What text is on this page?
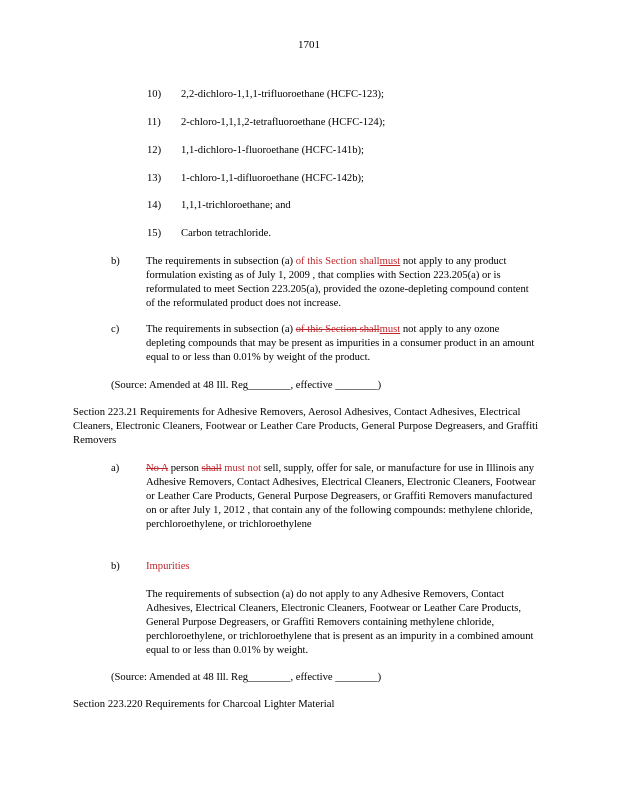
1701
10) 2,2-dichloro-1,1,1-trifluoroethane (HCFC-123);
11) 2-chloro-1,1,1,2-tetrafluoroethane (HCFC-124);
12) 1,1-dichloro-1-fluoroethane (HCFC-141b);
13) 1-chloro-1,1-difluoroethane (HCFC-142b);
14) 1,1,1-trichloroethane; and
15) Carbon tetrachloride.
b) The requirements in subsection (a) of this Section shallmust not apply to any product formulation existing as of July 1, 2009 , that complies with Section 223.205(a) or is reformulated to meet Section 223.205(a), provided the ozone-depleting compound content of the reformulated product does not increase.
c)	The requirements in subsection (a) of this Section shallmust not apply to any ozone depleting compounds that may be present as impurities in a consumer product in an amount equal to or less than 0.01% by weight of the product.
(Source: Amended at 48 Ill. Reg________, effective ________)
Section 223.21 Requirements for Adhesive Removers, Aerosol Adhesives, Contact Adhesives, Electrical Cleaners, Electronic Cleaners, Footwear or Leather Care Products, General Purpose Degreasers, and Graffiti Removers
a)	No A person shall must not sell, supply, offer for sale, or manufacture for use in Illinois any Adhesive Removers, Contact Adhesives, Electrical Cleaners, Electronic Cleaners, Footwear or Leather Care Products, General Purpose Degreasers, or Graffiti Removers manufactured on or after July 1, 2012 , that contain any of the following compounds: methylene chloride, perchloroethylene, or trichloroethylene
b) Impurities
The requirements of subsection (a) do not apply to any Adhesive Removers, Contact Adhesives, Electrical Cleaners, Electronic Cleaners, Footwear or Leather Care Products, General Purpose Degreasers, or Graffiti Removers containing methylene chloride, perchloroethylene, or trichloroethylene that is present as an impurity in a combined amount equal to or less than 0.01% by weight.
(Source: Amended at 48 Ill. Reg________, effective ________)
Section 223.220 Requirements for Charcoal Lighter Material
